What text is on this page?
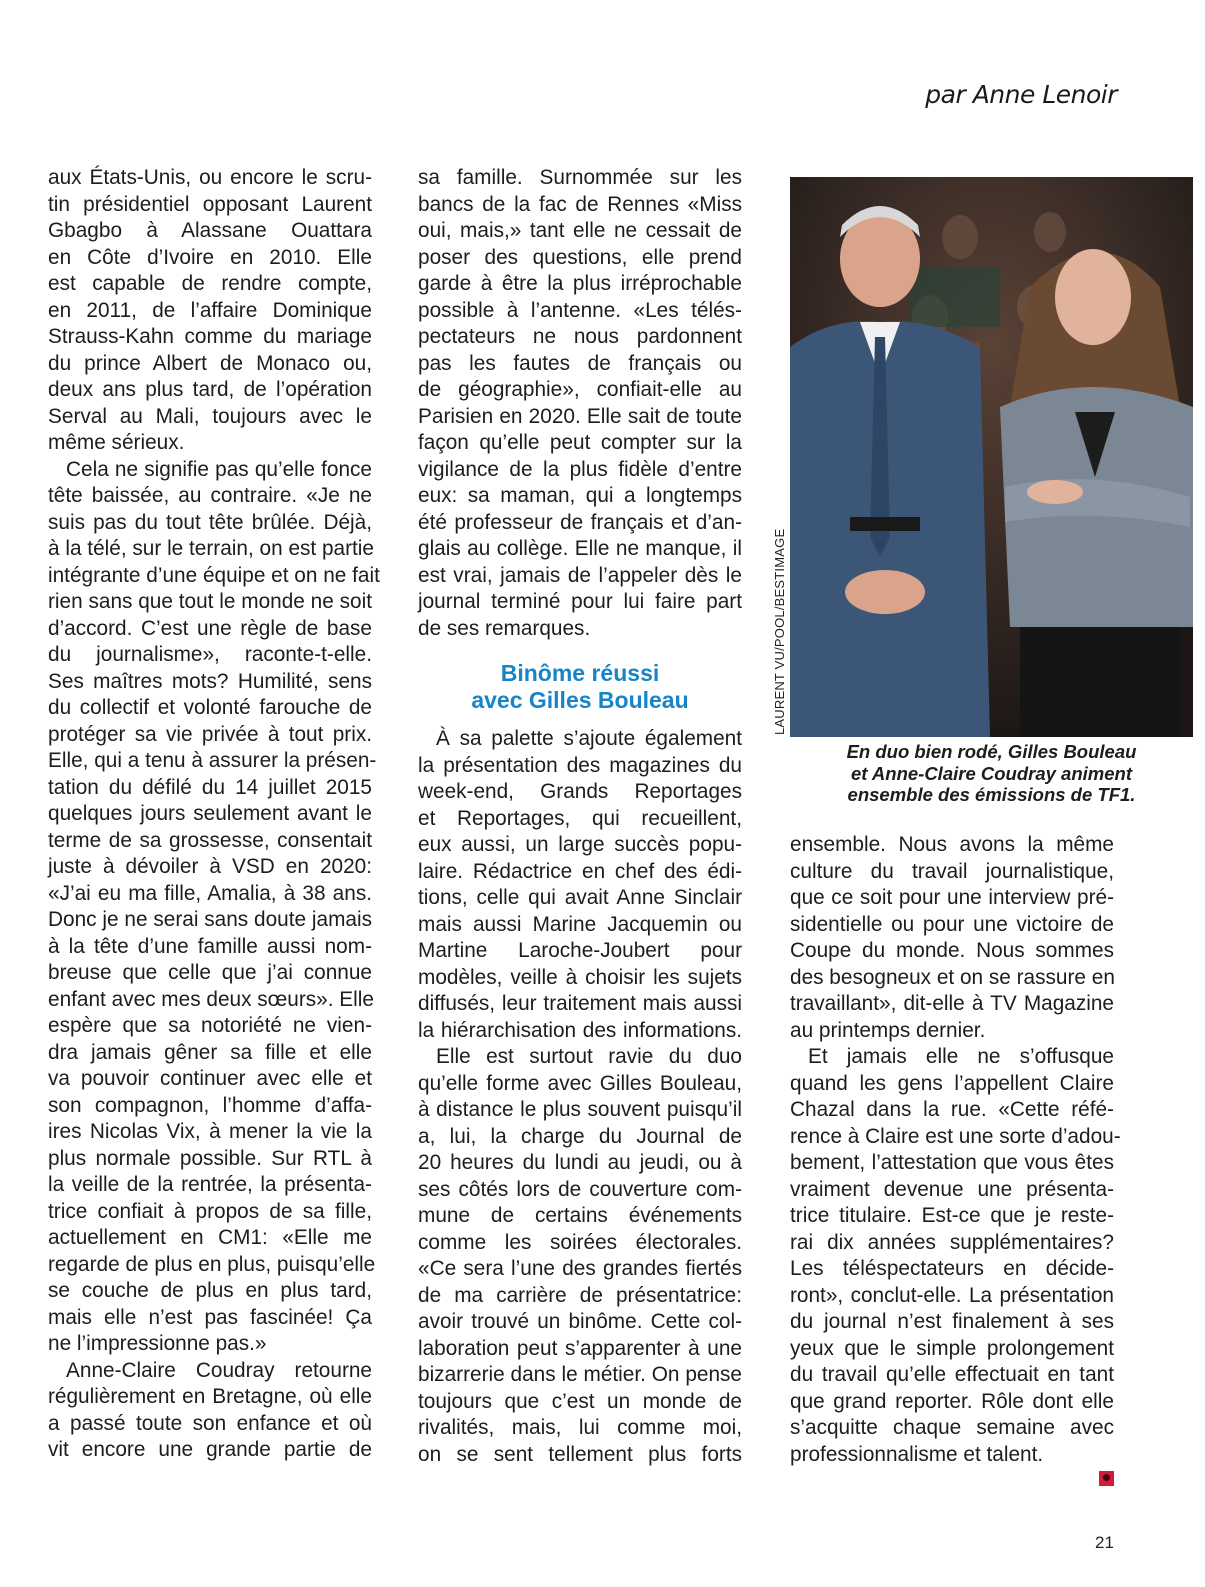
par Anne Lenoir
aux États-Unis, ou encore le scru-
tin présidentiel opposant Laurent
Gbagbo à Alassane Ouattara
en Côte d’Ivoire en 2010. Elle
est capable de rendre compte,
en 2011, de l’affaire Dominique
Strauss-Kahn comme du mariage
du prince Albert de Monaco ou,
deux ans plus tard, de l’opération
Serval au Mali, toujours avec le
même sérieux.
Cela ne signifie pas qu’elle fonce
tête baissée, au contraire. «Je ne
suis pas du tout tête brûlée. Déjà,
à la télé, sur le terrain, on est partie
intégrante d’une équipe et on ne fait
rien sans que tout le monde ne soit
d’accord. C’est une règle de base
du journalisme», raconte-t-elle.
Ses maîtres mots? Humilité, sens
du collectif et volonté farouche de
protéger sa vie privée à tout prix.
Elle, qui a tenu à assurer la présen-
tation du défilé du 14 juillet 2015
quelques jours seulement avant le
terme de sa grossesse, consentait
juste à dévoiler à VSD en 2020:
«J’ai eu ma fille, Amalia, à 38 ans.
Donc je ne serai sans doute jamais
à la tête d’une famille aussi nom-
breuse que celle que j’ai connue
enfant avec mes deux sœurs». Elle
espère que sa notoriété ne vien-
dra jamais gêner sa fille et elle
va pouvoir continuer avec elle et
son compagnon, l’homme d’affa-
ires Nicolas Vix, à mener la vie la
plus normale possible. Sur RTL à
la veille de la rentrée, la présenta-
trice confiait à propos de sa fille,
actuellement en CM1: «Elle me
regarde de plus en plus, puisqu’elle
se couche de plus en plus tard,
mais elle n’est pas fascinée! Ça
ne l’impressionne pas.»
Anne-Claire Coudray retourne
régulièrement en Bretagne, où elle
a passé toute son enfance et où
vit encore une grande partie de
sa famille. Surnommée sur les
bancs de la fac de Rennes «Miss
oui, mais,» tant elle ne cessait de
poser des questions, elle prend
garde à être la plus irréprochable
possible à l’antenne. «Les télés-
pectateurs ne nous pardonnent
pas les fautes de français ou
de géographie», confiait-elle au
Parisien en 2020. Elle sait de toute
façon qu’elle peut compter sur la
vigilance de la plus fidèle d’entre
eux: sa maman, qui a longtemps
été professeur de français et d’an-
glais au collège. Elle ne manque, il
est vrai, jamais de l’appeler dès le
journal terminé pour lui faire part
de ses remarques.
Binôme réussi
avec Gilles Bouleau
À sa palette s’ajoute également
la présentation des magazines du
week-end, Grands Reportages
et Reportages, qui recueillent,
eux aussi, un large succès popu-
laire. Rédactrice en chef des édi-
tions, celle qui avait Anne Sinclair
mais aussi Marine Jacquemin ou
Martine Laroche-Joubert pour
modèles, veille à choisir les sujets
diffusés, leur traitement mais aussi
la hiérarchisation des informations.
Elle est surtout ravie du duo
qu’elle forme avec Gilles Bouleau,
à distance le plus souvent puisqu’il
a, lui, la charge du Journal de
20 heures du lundi au jeudi, ou à
ses côtés lors de couverture com-
mune de certains événements
comme les soirées électorales.
«Ce sera l’une des grandes fiertés
de ma carrière de présentatrice:
avoir trouvé un binôme. Cette col-
laboration peut s’apparenter à une
bizarrerie dans le métier. On pense
toujours que c’est un monde de
rivalités, mais, lui comme moi,
on se sent tellement plus forts
LAURENT VU/POOL/BESTIMAGE
En duo bien rodé, Gilles Bouleau
et Anne-Claire Coudray animent
ensemble des émissions de TF1.
ensemble. Nous avons la même
culture du travail journalistique,
que ce soit pour une interview pré-
sidentielle ou pour une victoire de
Coupe du monde. Nous sommes
des besogneux et on se rassure en
travaillant», dit-elle à TV Magazine
au printemps dernier.
Et jamais elle ne s’offusque
quand les gens l’appellent Claire
Chazal dans la rue. «Cette réfé-
rence à Claire est une sorte d’adou-
bement, l’attestation que vous êtes
vraiment devenue une présenta-
trice titulaire. Est-ce que je reste-
rai dix années supplémentaires?
Les téléspectateurs en décide-
ront», conclut-elle. La présentation
du journal n’est finalement à ses
yeux que le simple prolongement
du travail qu’elle effectuait en tant
que grand reporter. Rôle dont elle
s’acquitte chaque semaine avec
professionnalisme et talent.
21
